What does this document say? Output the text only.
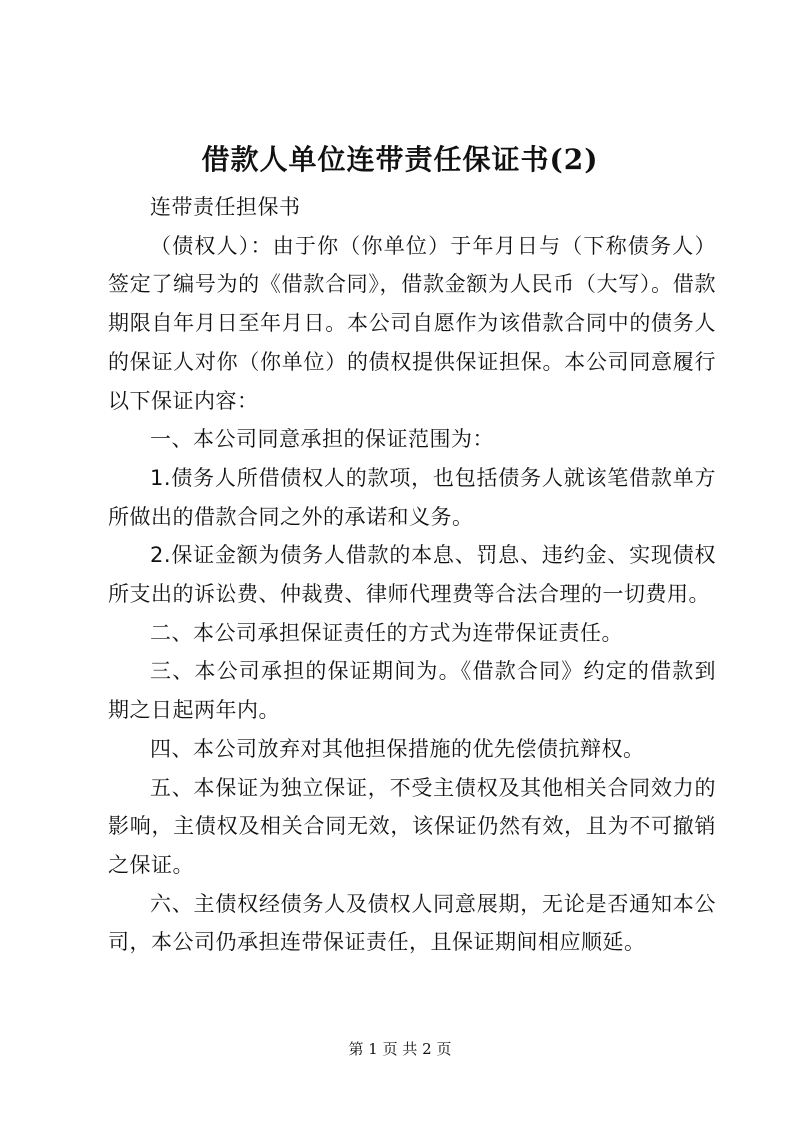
借款人单位连带责任保证书(2)

连带责任担保书

（债权人）：由于你（你单位）于年月日与（下称债务人）签定了编号为的《借款合同》，借款金额为人民币（大写）。借款期限自年月日至年月日。本公司自愿作为该借款合同中的债务人的保证人对你（你单位）的债权提供保证担保。本公司同意履行以下保证内容：

一、本公司同意承担的保证范围为：

1.债务人所借债权人的款项，也包括债务人就该笔借款单方所做出的借款合同之外的承诺和义务。

2.保证金额为债务人借款的本息、罚息、违约金、实现债权所支出的诉讼费、仲裁费、律师代理费等合法合理的一切费用。

二、本公司承担保证责任的方式为连带保证责任。

三、本公司承担的保证期间为。《借款合同》约定的借款到期之日起两年内。

四、本公司放弃对其他担保措施的优先偿债抗辩权。

五、本保证为独立保证，不受主债权及其他相关合同效力的影响，主债权及相关合同无效，该保证仍然有效，且为不可撤销之保证。

六、主债权经债务人及债权人同意展期，无论是否通知本公司，本公司仍承担连带保证责任，且保证期间相应顺延。

第 1 页 共 2 页
